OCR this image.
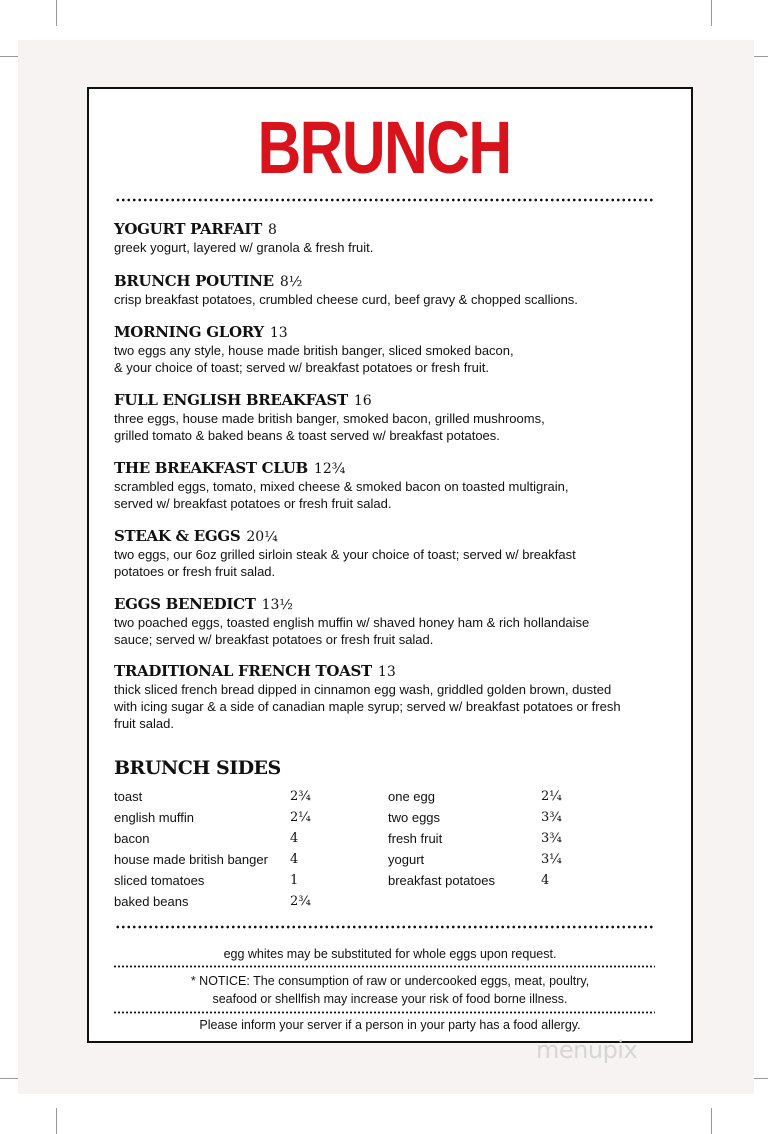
BRUNCH
YOGURT PARFAIT 8
greek yogurt, layered w/ granola & fresh fruit.
BRUNCH POUTINE 8½
crisp breakfast potatoes, crumbled cheese curd, beef gravy & chopped scallions.
MORNING GLORY 13
two eggs any style, house made british banger, sliced smoked bacon,
& your choice of toast; served w/ breakfast potatoes or fresh fruit.
FULL ENGLISH BREAKFAST 16
three eggs, house made british banger, smoked bacon, grilled mushrooms,
grilled tomato & baked beans & toast served w/ breakfast potatoes.
THE BREAKFAST CLUB 12¾
scrambled eggs, tomato, mixed cheese & smoked bacon on toasted multigrain,
served w/ breakfast potatoes or fresh fruit salad.
STEAK & EGGS 20¼
two eggs, our 6oz grilled sirloin steak & your choice of toast; served w/ breakfast
potatoes or fresh fruit salad.
EGGS BENEDICT 13½
two poached eggs, toasted english muffin w/ shaved honey ham & rich hollandaise
sauce; served w/ breakfast potatoes or fresh fruit salad.
TRADITIONAL FRENCH TOAST 13
thick sliced french bread dipped in cinnamon egg wash, griddled golden brown, dusted
with icing sugar & a side of canadian maple syrup; served w/ breakfast potatoes or fresh
fruit salad.
BRUNCH SIDES
toast	2¾
english muffin	2¼
bacon	4
house made british banger 4
sliced tomatoes	1
baked beans	2¾
one egg	2¼
two eggs	3¾
fresh fruit	3¾
yogurt	3¼
breakfast potatoes	4
egg whites may be substituted for whole eggs upon request.
* NOTICE: The consumption of raw or undercooked eggs, meat, poultry,
seafood or shellfish may increase your risk of food borne illness.
Please inform your server if a person in your party has a food allergy.
menupix
